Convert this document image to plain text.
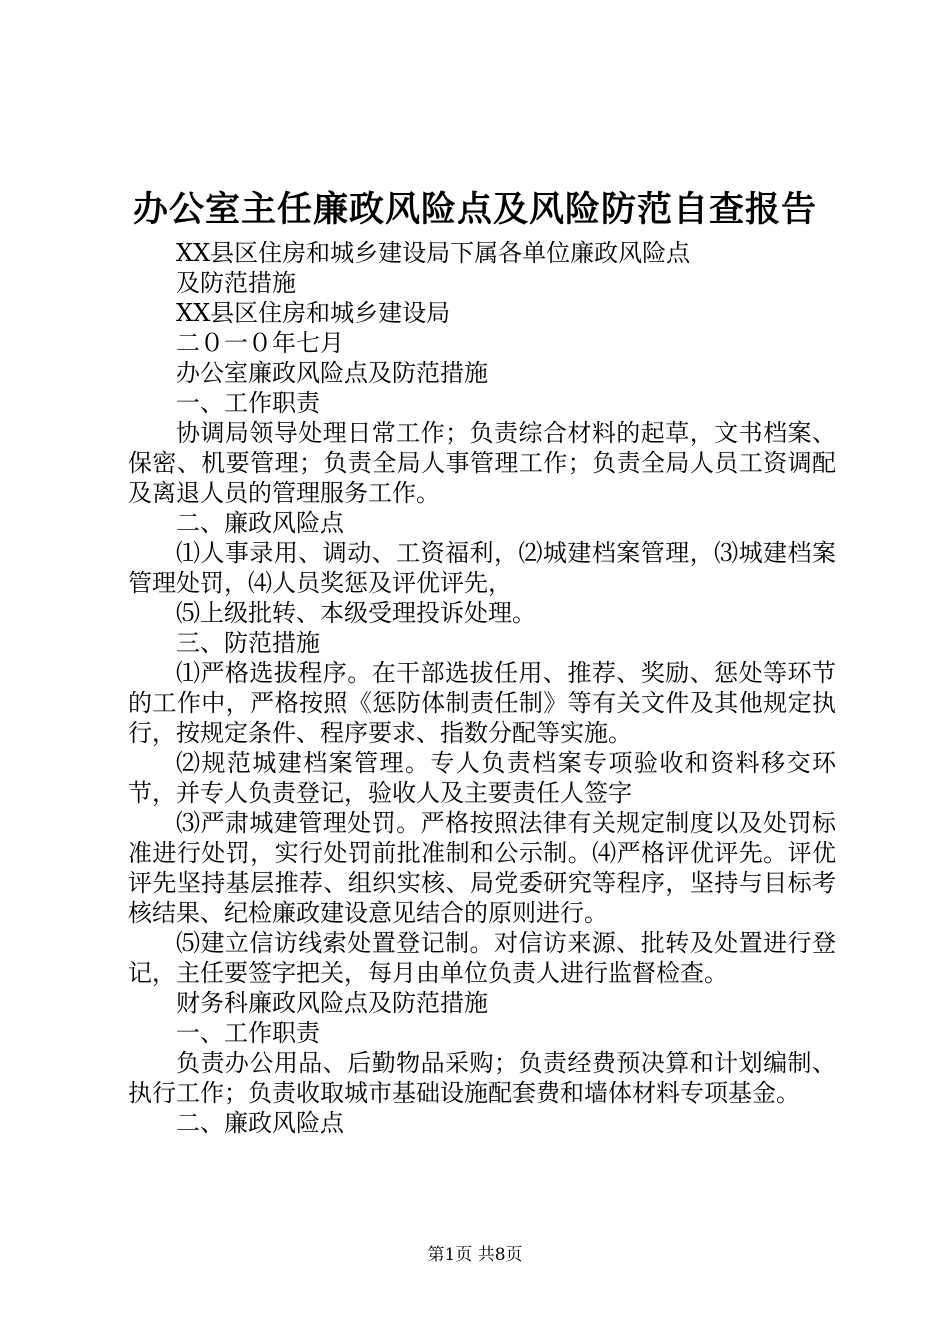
办公室主任廉政风险点及风险防范自查报告

XX县区住房和城乡建设局下属各单位廉政风险点

及防范措施

XX县区住房和城乡建设局

二０一０年七月

办公室廉政风险点及防范措施

一、工作职责

协调局领导处理日常工作；负责综合材料的起草，文书档案、保密、机要管理；负责全局人事管理工作；负责全局人员工资调配及离退人员的管理服务工作。

二、廉政风险点

⑴人事录用、调动、工资福利，⑵城建档案管理，⑶城建档案管理处罚，⑷人员奖惩及评优评先，

⑸上级批转、本级受理投诉处理。

三、防范措施

⑴严格选拔程序。在干部选拔任用、推荐、奖励、惩处等环节的工作中，严格按照《惩防体制责任制》等有关文件及其他规定执行，按规定条件、程序要求、指数分配等实施。

⑵规范城建档案管理。专人负责档案专项验收和资料移交环节，并专人负责登记，验收人及主要责任人签字

⑶严肃城建管理处罚。严格按照法律有关规定制度以及处罚标准进行处罚，实行处罚前批准制和公示制。⑷严格评优评先。评优评先坚持基层推荐、组织实核、局党委研究等程序，坚持与目标考核结果、纪检廉政建设意见结合的原则进行。

⑸建立信访线索处置登记制。对信访来源、批转及处置进行登记，主任要签字把关，每月由单位负责人进行监督检查。

财务科廉政风险点及防范措施

一、工作职责

负责办公用品、后勤物品采购；负责经费预决算和计划编制、执行工作；负责收取城市基础设施配套费和墙体材料专项基金。

二、廉政风险点

第1页 共8页
